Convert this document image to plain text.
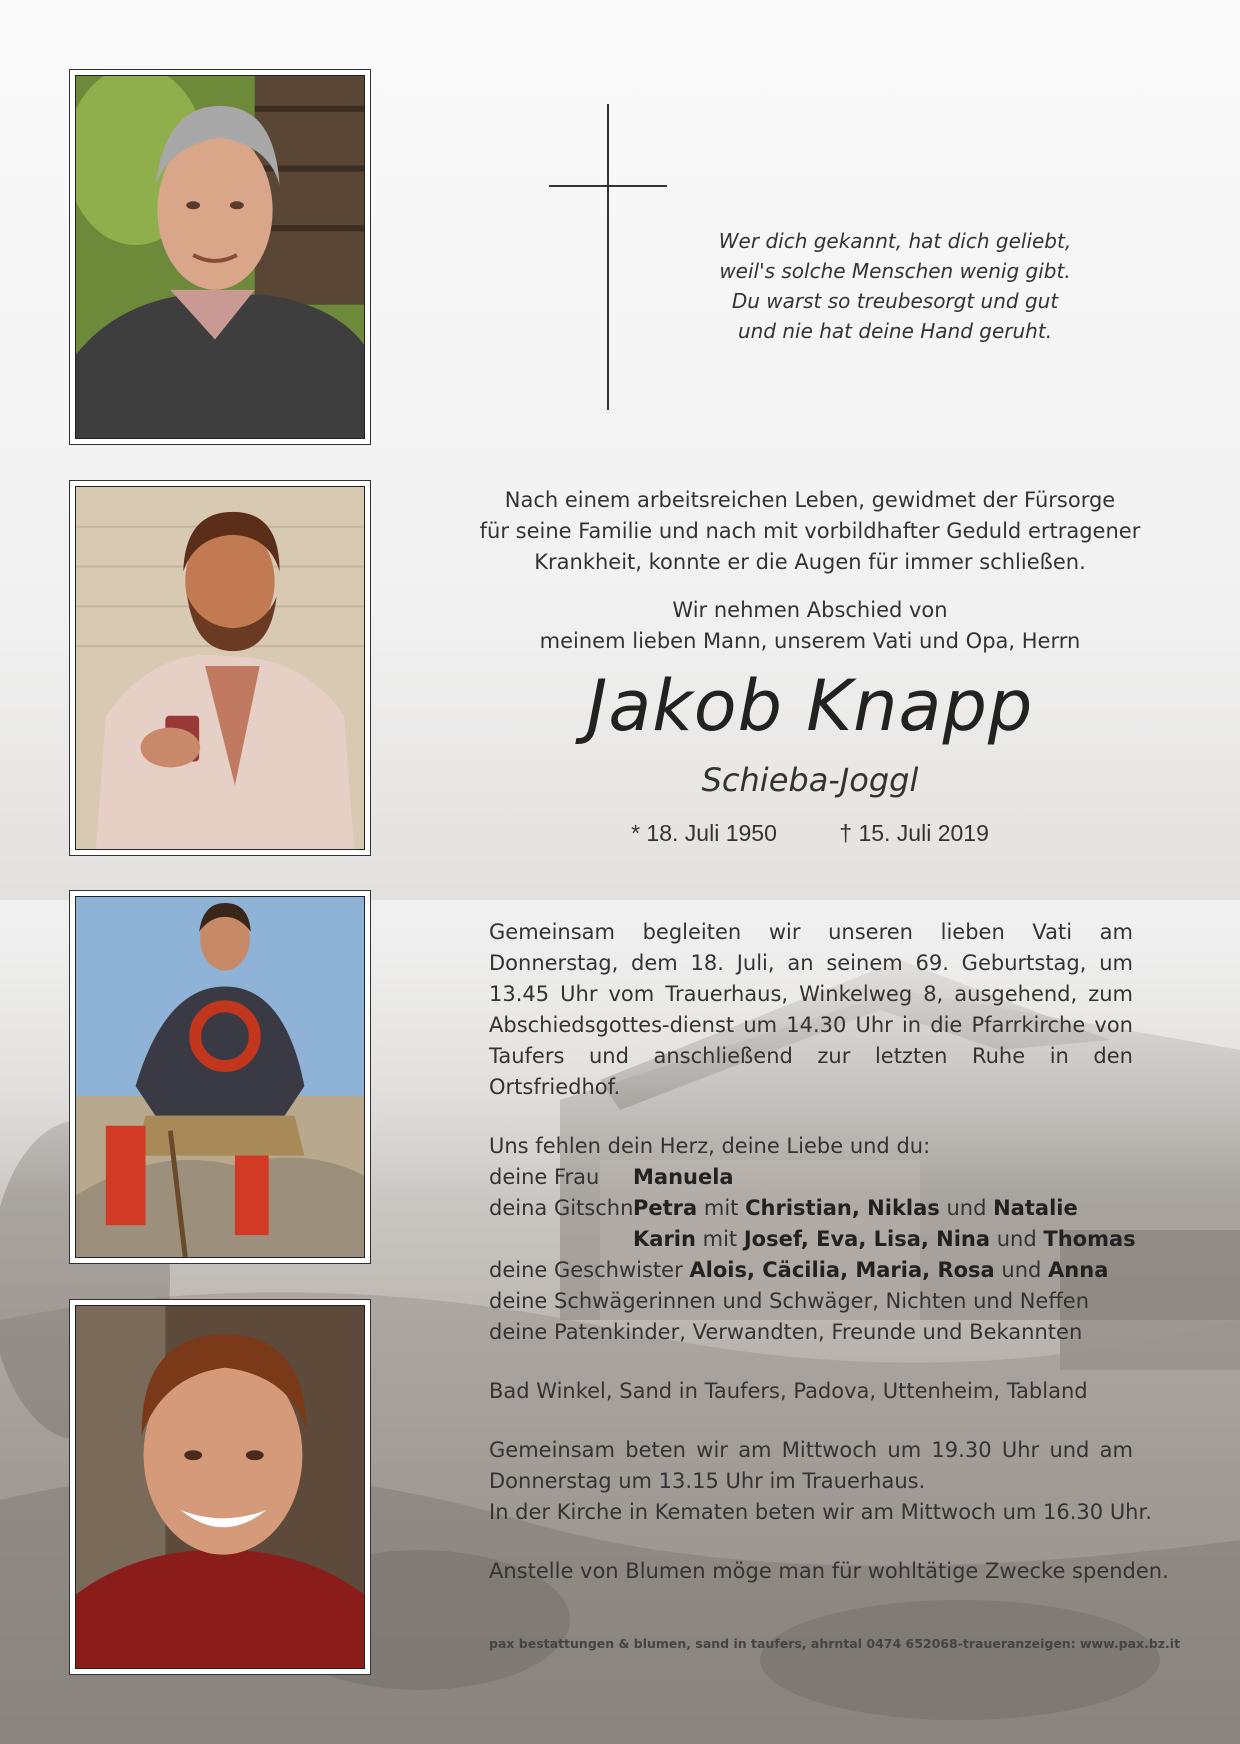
Wer dich gekannt, hat dich geliebt,
weil's solche Menschen wenig gibt.
Du warst so treubesorgt und gut
und nie hat deine Hand geruht.
Nach einem arbeitsreichen Leben, gewidmet der Fürsorge
für seine Familie und nach mit vorbildhafter Geduld ertragener
Krankheit, konnte er die Augen für immer schließen.
Wir nehmen Abschied von
meinem lieben Mann, unserem Vati und Opa, Herrn
Jakob Knapp
Schieba-Joggl
* 18. Juli 1950	† 15. Juli 2019
Gemeinsam begleiten wir unseren lieben Vati am Donnerstag, dem 18. Juli, an seinem 69. Geburtstag, um 13.45 Uhr vom Trauerhaus, Winkelweg 8, ausgehend, zum Abschiedsgottes-dienst um 14.30 Uhr in die Pfarrkirche von Taufers und anschließend zur letzten Ruhe in den Ortsfriedhof.
Uns fehlen dein Herz, deine Liebe und du:
deine Frau	Manuela
deina Gitschn Petra
mit
Christian, Niklas
und
Natalie
Karin
mit
Josef, Eva, Lisa, Nina
und
Thomas
deine Geschwister Alois, Cäcilia, Maria, Rosa und Anna
deine Schwägerinnen und Schwäger, Nichten und Neffen
deine Patenkinder, Verwandten, Freunde und Bekannten
Bad Winkel, Sand in Taufers, Padova, Uttenheim, Tabland
Gemeinsam beten wir am Mittwoch um 19.30 Uhr und am Donnerstag um 13.15 Uhr im Trauerhaus.
In der Kirche in Kematen beten wir am Mittwoch um 16.30 Uhr.
Anstelle von Blumen möge man für wohltätige Zwecke spenden.
pax bestattungen & blumen, sand in taufers, ahrntal 0474 652068-traueranzeigen: www.pax.bz.it
